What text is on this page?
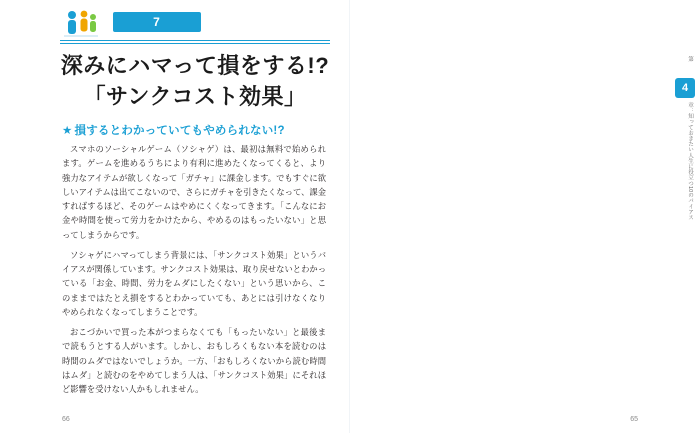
7
深みにハマって損をする!?
「サンクコスト効果」
★ 損するとわかっていてもやめられない!?

スマホのソーシャルゲーム（ソシャゲ）は、最初は無料で始められます。ゲームを進めるうちにより有利に進めたくなってくると、より強力なアイテムが欲しくなって「ガチャ」に課金します。でもすぐに欲しいアイテムは出てこないので、さらにガチャを引きたくなって、課金すればするほど、そのゲームはやめにくくなってきます。「こんなにお金や時間を使って労力をかけたから、やめるのはもったいない」と思ってしまうからです。

ソシャゲにハマってしまう背景には、「サンクコスト効果」というバイアスが関係しています。サンクコスト効果は、取り戻せないとわかっている「お金、時間、労力をムダにしたくない」という思いから、このままではたとえ損をするとわかっていても、あとには引けなくなりやめられなくなってしまうことです。

おこづかいで買った本がつまらなくても「もったいない」と最後まで読もうとする人がいます。しかし、おもしろくもない本を読むのは時間のムダではないでしょうか。一方、「おもしろくないから読む時間はムダ」と読むのをやめてしまう人は、「サンクコスト効果」にそれほど影響を受けない人かもしれません。

66
第
4
章：知っておきたい人生に役立つ10のバイアス
65
